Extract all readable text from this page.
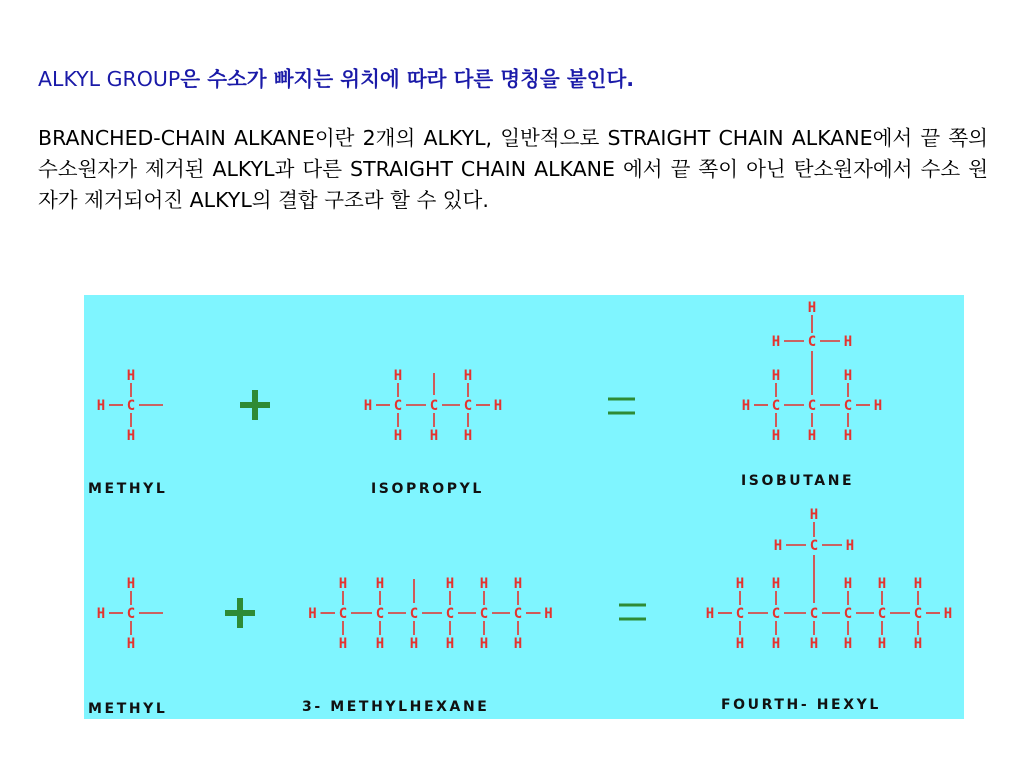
ALKYL GROUP은 수소가 빠지는 위치에 따라 다른 명칭을 붙인다.

BRANCHED-CHAIN ALKANE이란 2개의 ALKYL, 일반적으로 STRAIGHT CHAIN ALKANE에서 끝 쪽의 수소원자가 제거된 ALKYL과 다른 STRAIGHT CHAIN ALKANE 에서 끝 쪽이 아닌 탄소원자에서 수소 원자가 제거되어진 ALKYL의 결합 구조라 할 수 있다.

C
H
H
H	C
H
H
C
H
C
H
H
H	H	C
H
H
C
H
C
H
H
H	H
C
H
H	H
C
H
H
H	C
H
H
C
H
H
C
H
C
H
H
C
H
H
C
H
H
H	H	C
H
H
C
H
H
C
H
C
H
H
C
H
H
C
H
H
H	H
C
H
H	H
METHYL	ISOPROPYL	ISOBUTANE
METHYL	3- METHYLHEXANE	FOURTH- HEXYL
